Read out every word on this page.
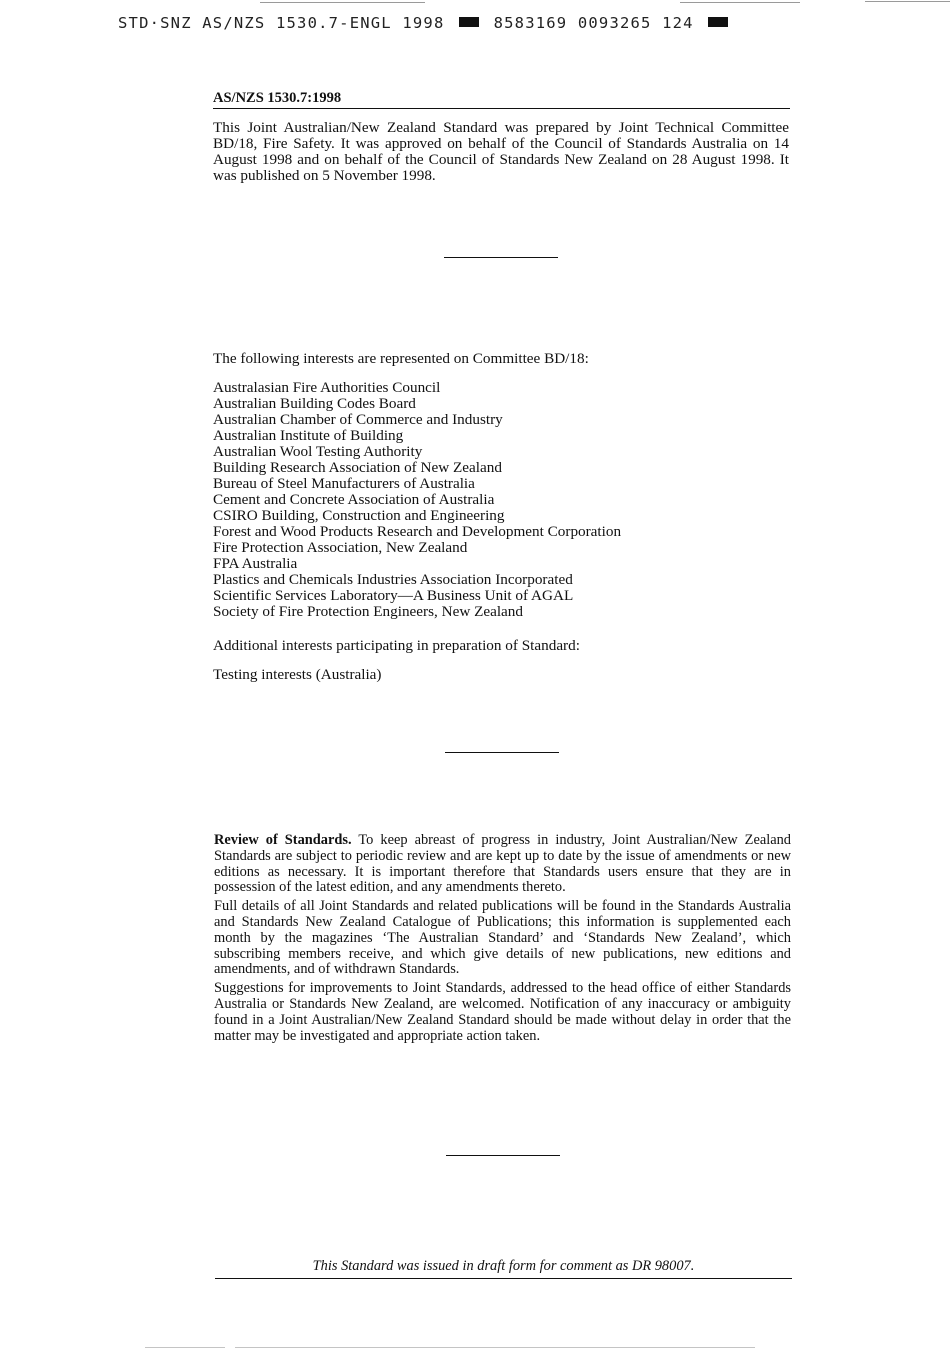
STD·SNZ AS/NZS 1530.7-ENGL 1998	8583169 0093265 124
AS/NZS 1530.7:1998
This Joint Australian/New Zealand Standard was prepared by Joint Technical Committee BD/18, Fire Safety. It was approved on behalf of the Council of Standards Australia on 14 August 1998 and on behalf of the Council of Standards New Zealand on 28 August 1998. It was published on 5 November 1998.
The following interests are represented on Committee BD/18:
Australasian Fire Authorities Council
Australian Building Codes Board
Australian Chamber of Commerce and Industry
Australian Institute of Building
Australian Wool Testing Authority
Building Research Association of New Zealand
Bureau of Steel Manufacturers of Australia
Cement and Concrete Association of Australia
CSIRO Building, Construction and Engineering
Forest and Wood Products Research and Development Corporation
Fire Protection Association, New Zealand
FPA Australia
Plastics and Chemicals Industries Association Incorporated
Scientific Services Laboratory—A Business Unit of AGAL
Society of Fire Protection Engineers, New Zealand
Additional interests participating in preparation of Standard:
Testing interests (Australia)

Review of Standards. To keep abreast of progress in industry, Joint Australian/New Zealand Standards are subject to periodic review and are kept up to date by the issue of amendments or new editions as necessary. It is important therefore that Standards users ensure that they are in possession of the latest edition, and any amendments thereto.

Full details of all Joint Standards and related publications will be found in the Standards Australia and Standards New Zealand Catalogue of Publications; this information is supplemented each month by the magazines ‘The Australian Standard’ and ‘Standards New Zealand’, which subscribing members receive, and which give details of new publications, new editions and amendments, and of withdrawn Standards.

Suggestions for improvements to Joint Standards, addressed to the head office of either Standards Australia or Standards New Zealand, are welcomed. Notification of any inaccuracy or ambiguity found in a Joint Australian/New Zealand Standard should be made without delay in order that the matter may be investigated and appropriate action taken.

This Standard was issued in draft form for comment as DR 98007.
